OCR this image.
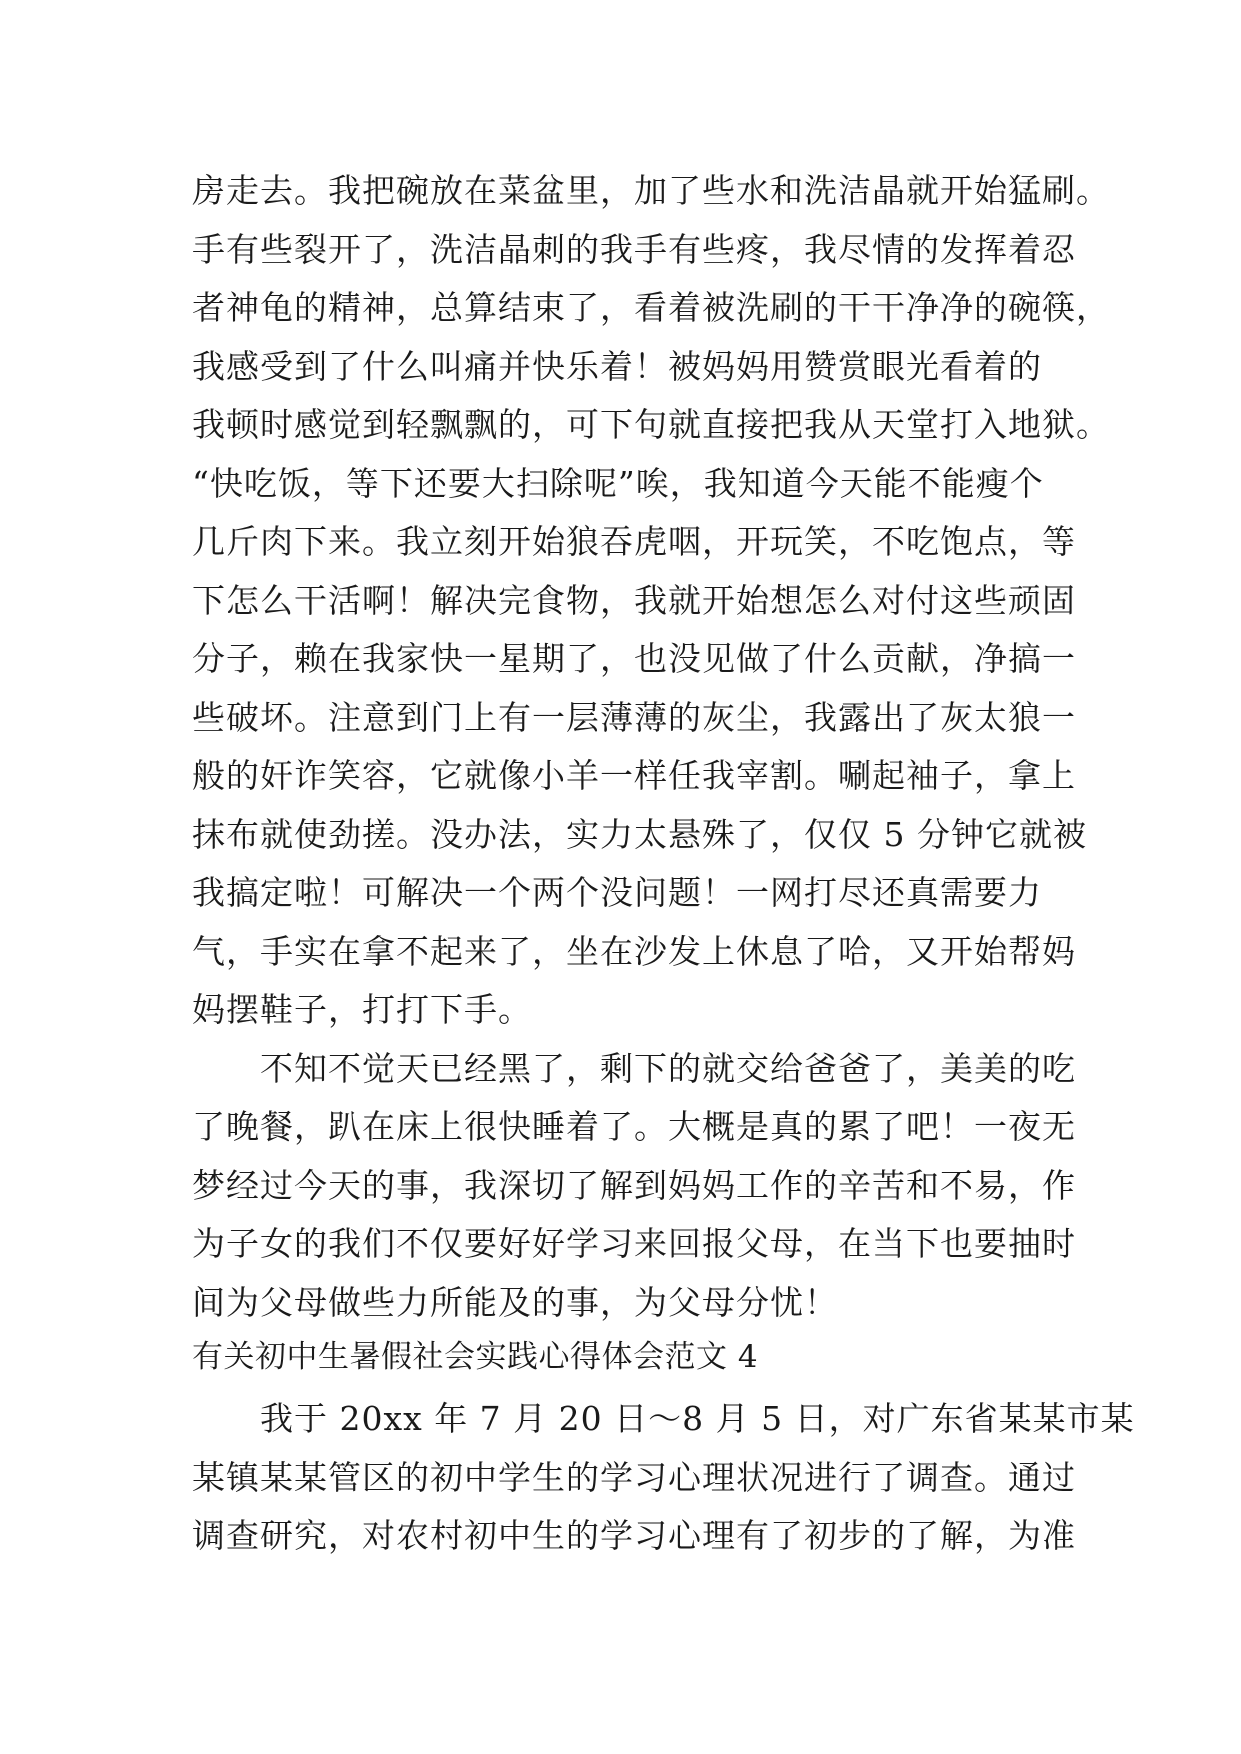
房走去。我把碗放在菜盆里，加了些水和洗洁晶就开始猛刷。
手有些裂开了，洗洁晶刺的我手有些疼，我尽情的发挥着忍
者神龟的精神，总算结束了，看着被洗刷的干干净净的碗筷，
我感受到了什么叫痛并快乐着！被妈妈用赞赏眼光看着的
我顿时感觉到轻飘飘的，可下句就直接把我从天堂打入地狱。
“快吃饭，等下还要大扫除呢”唉，我知道今天能不能瘦个
几斤肉下来。我立刻开始狼吞虎咽，开玩笑，不吃饱点，等
下怎么干活啊！解决完食物，我就开始想怎么对付这些顽固
分子，赖在我家快一星期了，也没见做了什么贡献，净搞一
些破坏。注意到门上有一层薄薄的灰尘，我露出了灰太狼一
般的奸诈笑容，它就像小羊一样任我宰割。唰起袖子，拿上
抹布就使劲搓。没办法，实力太悬殊了，仅仅 5 分钟它就被
我搞定啦！可解决一个两个没问题！一网打尽还真需要力
气，手实在拿不起来了，坐在沙发上休息了哈，又开始帮妈
妈摆鞋子，打打下手。
　　不知不觉天已经黑了，剩下的就交给爸爸了，美美的吃
了晚餐，趴在床上很快睡着了。大概是真的累了吧！一夜无
梦经过今天的事，我深切了解到妈妈工作的辛苦和不易，作
为子女的我们不仅要好好学习来回报父母，在当下也要抽时
间为父母做些力所能及的事，为父母分忧！
有关初中生暑假社会实践心得体会范文 4
　　我于 20xx 年 7 月 20 日～8 月 5 日，对广东省某某市某
某镇某某管区的初中学生的学习心理状况进行了调查。通过
调查研究，对农村初中生的学习心理有了初步的了解，为准
